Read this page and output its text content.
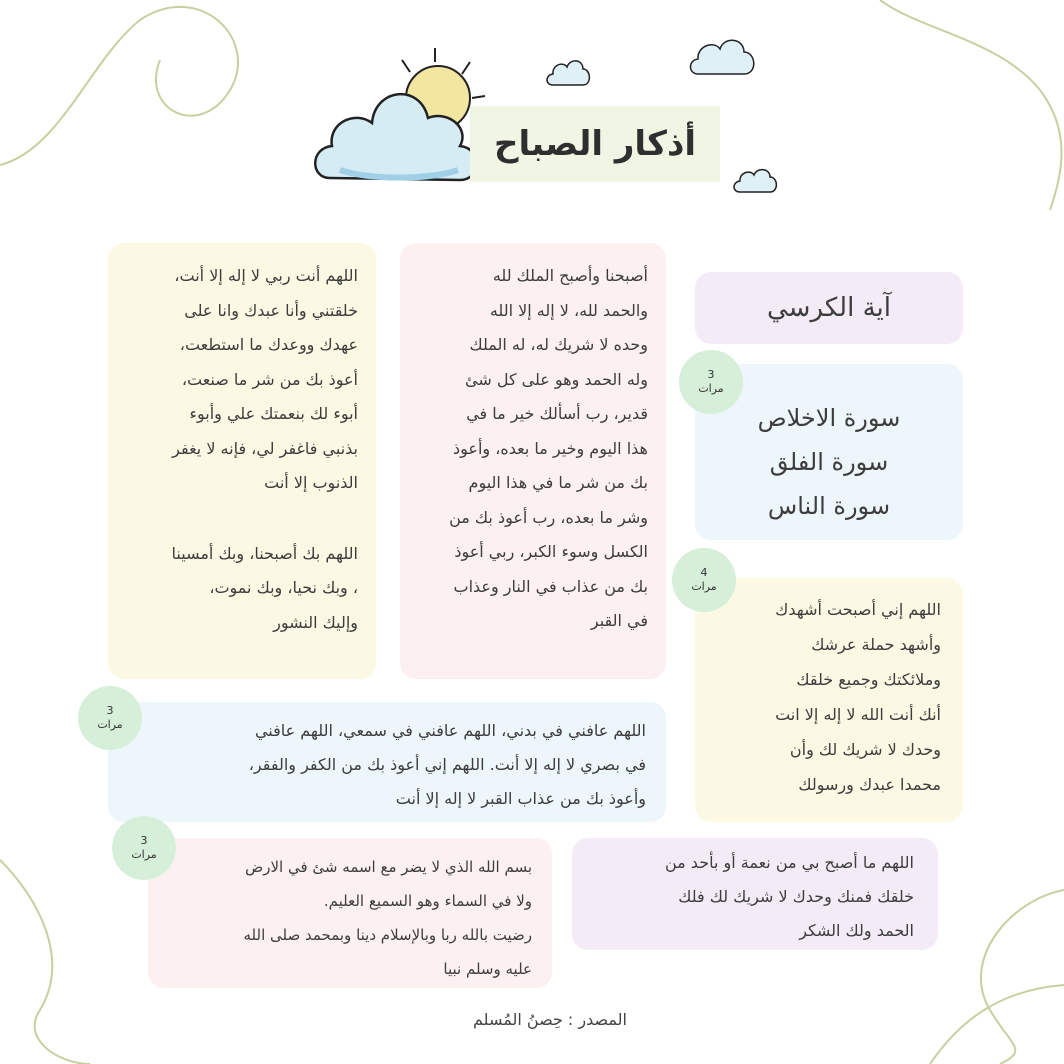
أذكار الصباح
آية الكرسي

سورة الاخلاص

سورة الفلق

سورة الناس

3
مرات

أصبحنا وأصبح الملك لله

والحمد لله، لا إله إلا الله

وحده لا شريك له، له الملك

وله الحمد وهو على كل شئ

قدير، رب أسألك خير ما في

هذا اليوم وخير ما بعده، وأعوذ

بك من شر ما في هذا اليوم

وشر ما بعده، رب أعوذ بك من

الكسل وسوء الكبر، ربي أعوذ

بك من عذاب في النار وعذاب

في القبر

اللهم أنت ربي لا إله إلا أنت،

خلقتني وأنا عبدك وانا على

عهدك ووعدك ما استطعت،

أعوذ بك من شر ما صنعت،

أبوء لك بنعمتك علي وأبوء

بذنبي فاغفر لي، فإنه لا يغفر

الذنوب إلا أنت

اللهم بك أصبحنا، وبك أمسينا

، وبك نحيا، وبك نموت،

وإليك النشور

اللهم إني أصبحت أشهدك

وأشهد حملة عرشك

وملائكتك وجميع خلقك

أنك أنت الله لا إله إلا انت

وحدك لا شريك لك وأن

محمدا عبدك ورسولك

4
مرات

اللهم عافني في بدني، اللهم عافني في سمعي، اللهم عافني

في بصري لا إله إلا أنت. اللهم إني أعوذ بك من الكفر والفقر،

وأعوذ بك من عذاب القبر لا إله إلا أنت

3
مرات

بسم الله الذي لا يضر مع اسمه شئ في الارض

ولا في السماء وهو السميع العليم.

رضيت بالله ربا وبالإسلام دينا وبمحمد صلى الله

عليه وسلم نبيا

3
مرات	اللهم ما أصبح بي من نعمة أو بأحد من

خلقك فمنك وحدك لا شريك لك فلك

الحمد ولك الشكر

المصدر : حِصنُ المُسلم
